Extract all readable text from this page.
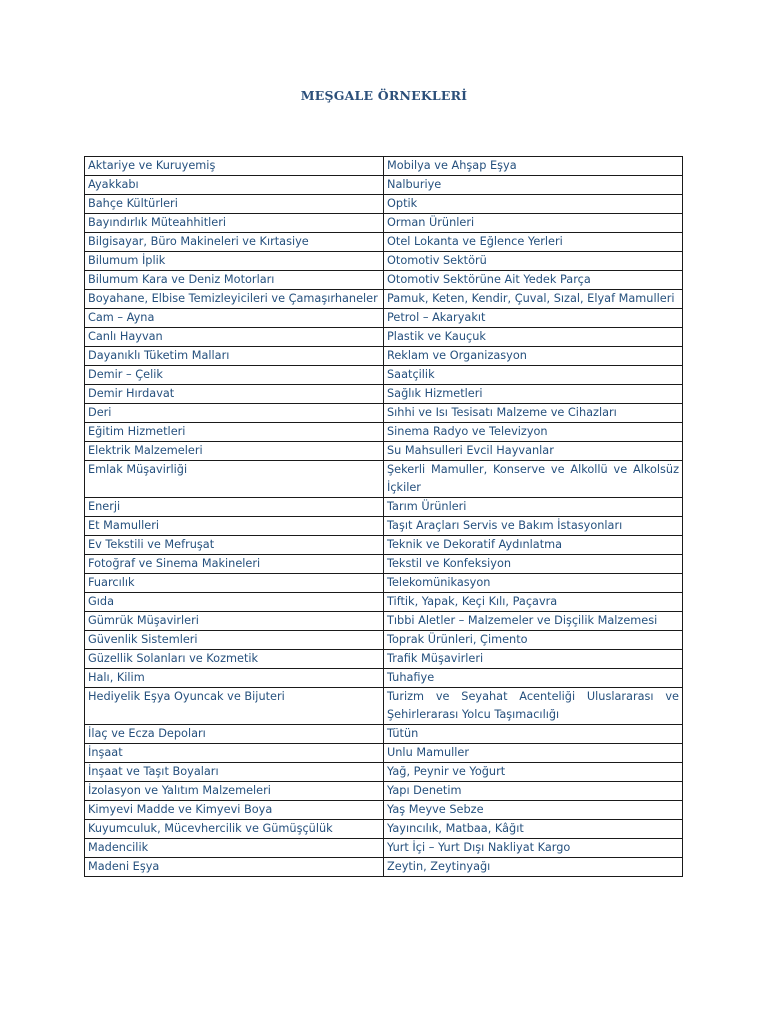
MEŞGALE ÖRNEKLERİ
Aktariye ve Kuruyemiş	Mobilya ve Ahşap Eşya
Ayakkabı	Nalburiye
Bahçe Kültürleri	Optik
Bayındırlık Müteahhitleri	Orman Ürünleri
Bilgisayar, Büro Makineleri ve Kırtasiye	Otel Lokanta ve Eğlence Yerleri
Bilumum İplik	Otomotiv Sektörü
Bilumum Kara ve Deniz Motorları	Otomotiv Sektörüne Ait Yedek Parça
Boyahane, Elbise Temizleyicileri ve Çamaşırhaneler	Pamuk, Keten, Kendir, Çuval, Sızal, Elyaf Mamulleri
Cam – Ayna	Petrol – Akaryakıt
Canlı Hayvan	Plastik ve Kauçuk
Dayanıklı Tüketim Malları	Reklam ve Organizasyon
Demir – Çelik	Saatçilik
Demir Hırdavat	Sağlık Hizmetleri
Deri	Sıhhi ve Isı Tesisatı Malzeme ve Cihazları
Eğitim Hizmetleri	Sinema Radyo ve Televizyon
Elektrik Malzemeleri	Su Mahsulleri Evcil Hayvanlar
Emlak Müşavirliği	Şekerli Mamuller, Konserve ve Alkollü ve Alkolsüz İçkiler
Enerji	Tarım Ürünleri
Et Mamulleri	Taşıt Araçları Servis ve Bakım İstasyonları
Ev Tekstili ve Mefruşat	Teknik ve Dekoratif Aydınlatma
Fotoğraf ve Sinema Makineleri	Tekstil ve Konfeksiyon
Fuarcılık	Telekomünikasyon
Gıda	Tiftik, Yapak, Keçi Kılı, Paçavra
Gümrük Müşavirleri	Tıbbi Aletler – Malzemeler ve Dişçilik Malzemesi
Güvenlik Sistemleri	Toprak Ürünleri, Çimento
Güzellik Solanları ve Kozmetik	Trafik Müşavirleri
Halı, Kilim	Tuhafiye
Hediyelik Eşya Oyuncak ve Bijuteri	Turizm ve Seyahat Acenteliği Uluslararası ve Şehirlerarası Yolcu Taşımacılığı
İlaç ve Ecza Depoları	Tütün
İnşaat	Unlu Mamuller
İnşaat ve Taşıt Boyaları	Yağ, Peynir ve Yoğurt
İzolasyon ve Yalıtım Malzemeleri	Yapı Denetim
Kimyevi Madde ve Kimyevi Boya	Yaş Meyve Sebze
Kuyumculuk, Mücevhercilik ve Gümüşçülük	Yayıncılık, Matbaa, Kâğıt
Madencilik	Yurt İçi – Yurt Dışı Nakliyat Kargo
Madeni Eşya	Zeytin, Zeytinyağı
